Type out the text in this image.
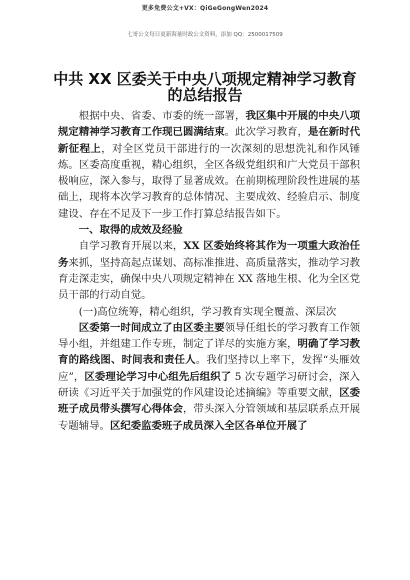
更多免费公文+VX：QiGeGongWen2024
七哥公文每日更新海量时政公文资料，添加 QQ：2500017509
中共 XX 区委关于中央八项规定精神学习教育的总结报告

根据中央、省委、市委的统一部署，我区集中开展的中央八项规定精神学习教育工作现已圆满结束。此次学习教育，是在新时代新征程上，对全区党员干部进行的一次深刻的思想洗礼和作风锤炼。区委高度重视，精心组织，全区各级党组织和广大党员干部积极响应，深入参与，取得了显著成效。在前期梳理阶段性进展的基础上，现将本次学习教育的总体情况、主要成效、经验启示、制度建设、存在不足及下一步工作打算总结报告如下。

一、取得的成效及经验

自学习教育开展以来，XX 区委始终将其作为一项重大政治任务来抓，坚持高起点谋划、高标准推进、高质量落实，推动学习教育走深走实，确保中央八项规定精神在 XX 落地生根、化为全区党员干部的行动自觉。

(一)高位统筹，精心组织，学习教育实现全覆盖、深层次

区委第一时间成立了由区委主要领导任组长的学习教育工作领导小组，并组建工作专班，制定了详尽的实施方案，明确了学习教育的路线图、时间表和责任人。我们坚持以上率下，发挥“头雁效应”，区委理论学习中心组先后组织了 5 次专题学习研讨会，深入研读《习近平关于加强党的作风建设论述摘编》等重要文献，区委班子成员带头撰写心得体会，带头深入分管领域和基层联系点开展专题辅导。区纪委监委班子成员深入全区各单位开展了
